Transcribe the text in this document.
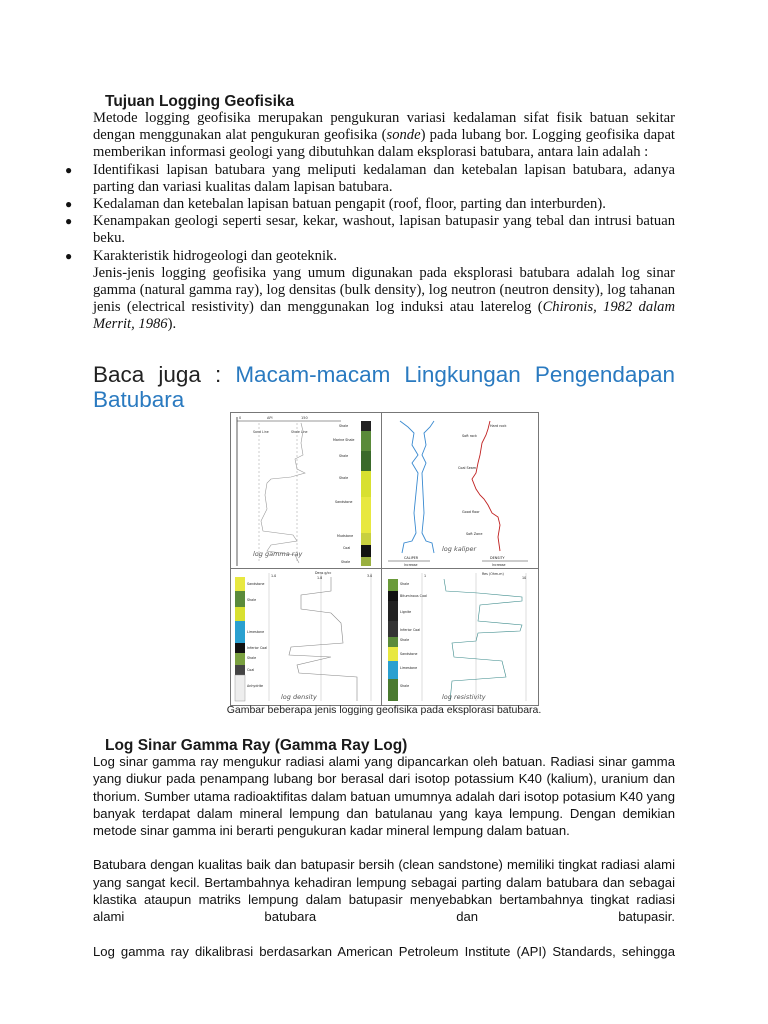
Tujuan Logging Geofisika

Metode logging geofisika merupakan pengukuran variasi kedalaman sifat fisik batuan sekitar dengan menggunakan alat pengukuran geofisika (sonde) pada lubang bor. Logging geofisika dapat memberikan informasi geologi yang dibutuhkan dalam eksplorasi batubara, antara lain adalah :

● Identifikasi lapisan batubara yang meliputi kedalaman dan ketebalan lapisan batubara, adanya parting dan variasi kualitas dalam lapisan batubara.
● Kedalaman dan ketebalan lapisan batuan pengapit (roof, floor, parting dan interburden).
● Kenampakan geologi seperti sesar, kekar, washout, lapisan batupasir yang tebal dan intrusi batuan beku.
● Karakteristik hidrogeologi dan geoteknik.

Jenis-jenis logging geofisika yang umum digunakan pada eksplorasi batubara adalah log sinar gamma (natural gamma ray), log densitas (bulk density), log neutron (neutron density), log tahanan jenis (electrical resistivity) dan menggunakan log induksi atau laterelog (Chironis, 1982 dalam Merrit, 1986).

Baca juga : Macam-macam Lingkungan Pengendapan Batubara
0	API	150
Sand Line	Shale Line
log gamma ray
Shale
Marine Shale
Shale
Shale
Sandstone
Mudstone
Coal
Shale
Hard rock
Soft rock
Coal Seam
Good floor
Soft Zone
log kaliper
CALIPER
Increase
DENSITY
Increase
Sandstone
Shale
Limestone
Inferior Coal
Shale
Coal
Anhydrite
1.0
Dens g/cc
1.8	3.0
log density
Shale
Bituminous Coal
Lignite
Inferior Coal
Shale
Sandstone
Limestone
Shale
1	Res (Ohm-m)
10
log resistivity
Gambar beberapa jenis logging geofisika pada eksplorasi batubara.
Log Sinar Gamma Ray (Gamma Ray Log)

Log sinar gamma ray mengukur radiasi alami yang dipancarkan oleh batuan. Radiasi sinar gamma yang diukur pada penampang lubang bor berasal dari isotop potassium K40 (kalium), uranium dan thorium. Sumber utama radioaktifitas dalam batuan umumnya adalah dari isotop potasium K40 yang banyak terdapat dalam mineral lempung dan batulanau yang kaya lempung. Dengan demikian metode sinar gamma ini berarti pengukuran kadar mineral lempung dalam batuan.

Batubara dengan kualitas baik dan batupasir bersih (clean sandstone) memiliki tingkat radiasi alami yang sangat kecil. Bertambahnya kehadiran lempung sebagai parting dalam batubara dan sebagai klastika ataupun matriks lempung dalam batupasir menyebabkan bertambahnya tingkat radiasi alami batubara dan batupasir.

Log gamma ray dikalibrasi berdasarkan American Petroleum Institute (API) Standards, sehingga
